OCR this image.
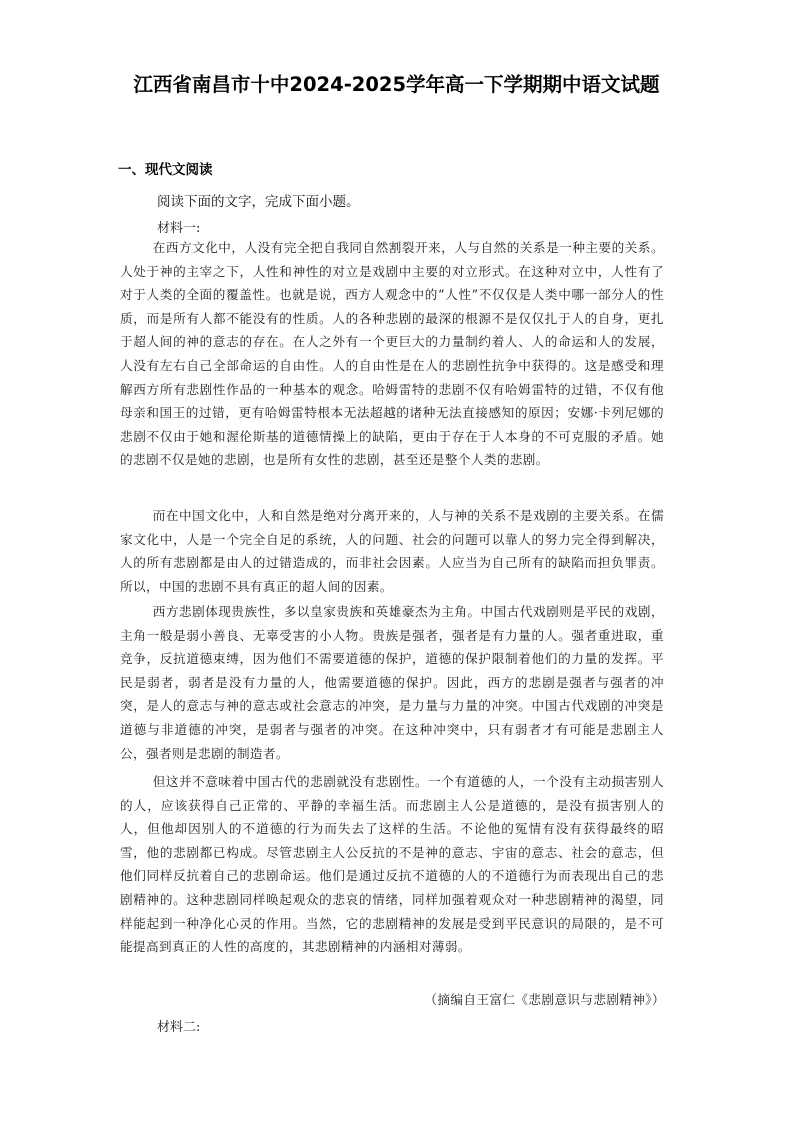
江西省南昌市十中2024-2025学年高一下学期期中语文试题
一、现代文阅读
阅读下面的文字，完成下面小题。
材料一:

在西方文化中，人没有完全把自我同自然割裂开来，人与自然的关系是一种主要的关系。人处于神的主宰之下，人性和神性的对立是戏剧中主要的对立形式。在这种对立中，人性有了对于人类的全面的覆盖性。也就是说，西方人观念中的“人性”不仅仅是人类中哪一部分人的性质，而是所有人都不能没有的性质。人的各种悲剧的最深的根源不是仅仅扎于人的自身，更扎于超人间的神的意志的存在。在人之外有一个更巨大的力量制约着人、人的命运和人的发展，人没有左右自己全部命运的自由性。人的自由性是在人的悲剧性抗争中获得的。这是感受和理解西方所有悲剧性作品的一种基本的观念。哈姆雷特的悲剧不仅有哈姆雷特的过错，不仅有他母亲和国王的过错，更有哈姆雷特根本无法超越的诸种无法直接感知的原因；安娜·卡列尼娜的悲剧不仅由于她和渥伦斯基的道德情操上的缺陷，更由于存在于人本身的不可克服的矛盾。她的悲剧不仅是她的悲剧，也是所有女性的悲剧，甚至还是整个人类的悲剧。

而在中国文化中，人和自然是绝对分离开来的，人与神的关系不是戏剧的主要关系。在儒家文化中，人是一个完全自足的系统，人的问题、社会的问题可以靠人的努力完全得到解决，人的所有悲剧都是由人的过错造成的，而非社会因素。人应当为自己所有的缺陷而担负罪责。所以，中国的悲剧不具有真正的超人间的因素。

西方悲剧体现贵族性，多以皇家贵族和英雄豪杰为主角。中国古代戏剧则是平民的戏剧，主角一般是弱小善良、无辜受害的小人物。贵族是强者，强者是有力量的人。强者重进取，重竞争，反抗道德束缚，因为他们不需要道德的保护，道德的保护限制着他们的力量的发挥。平民是弱者，弱者是没有力量的人，他需要道德的保护。因此，西方的悲剧是强者与强者的冲突，是人的意志与神的意志或社会意志的冲突，是力量与力量的冲突。中国古代戏剧的冲突是道德与非道德的冲突，是弱者与强者的冲突。在这种冲突中，只有弱者才有可能是悲剧主人公，强者则是悲剧的制造者。

但这并不意味着中国古代的悲剧就没有悲剧性。一个有道德的人，一个没有主动损害别人的人，应该获得自己正常的、平静的幸福生活。而悲剧主人公是道德的，是没有损害别人的人，但他却因别人的不道德的行为而失去了这样的生活。不论他的冤情有没有获得最终的昭雪，他的悲剧都已构成。尽管悲剧主人公反抗的不是神的意志、宇宙的意志、社会的意志，但他们同样反抗着自己的悲剧命运。他们是通过反抗不道德的人的不道德行为而表现出自己的悲剧精神的。这种悲剧同样唤起观众的悲哀的情绪，同样加强着观众对一种悲剧精神的渴望，同样能起到一种净化心灵的作用。当然，它的悲剧精神的发展是受到平民意识的局限的，是不可能提高到真正的人性的高度的，其悲剧精神的内涵相对薄弱。

（摘编自王富仁《悲剧意识与悲剧精神》）
材料二:
